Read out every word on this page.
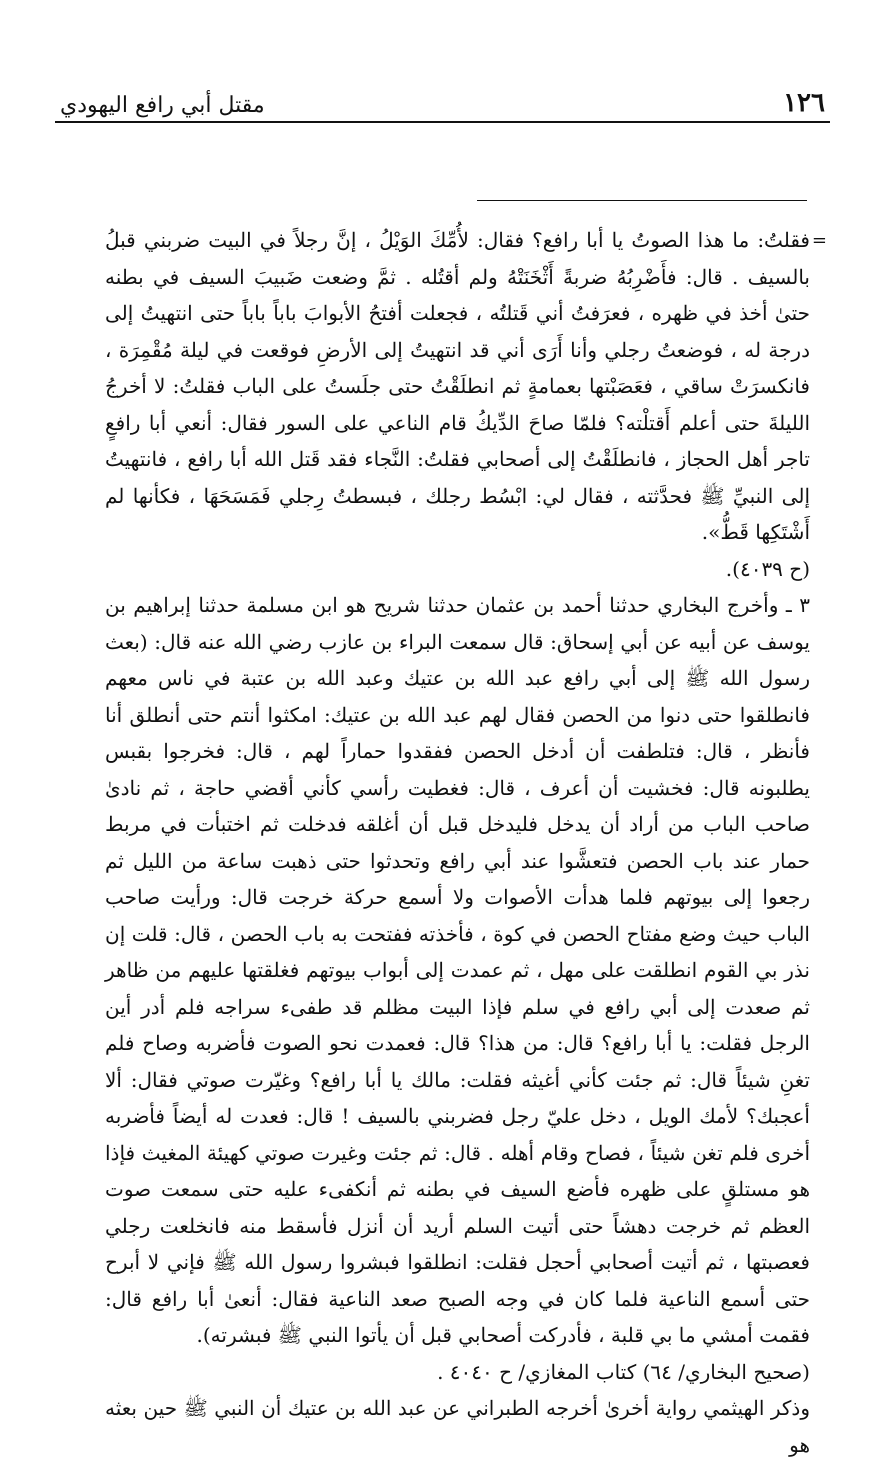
١٢٦
مقتل أبي رافع اليهودي
=

فقلتُ: ما هذا الصوتُ يا أبا رافع؟ فقال: لأُمِّكَ الوَيْلُ ، إنَّ رجلاً في البيت ضربني قبلُ بالسيف . قال: فأَضْرِبُهُ ضربةً أَثْخَنَتْهُ ولم أقتُله . ثمَّ وضعت ضَبيبَ السيف في بطنه حتىٰ أخذ في ظهره ، فعرَفتُ أني قَتلتُه ، فجعلت أفتحُ الأبوابَ باباً باباً حتى انتهيتُ إلى درجة له ، فوضعتُ رجلي وأنا أَرَى أني قد انتهيتُ إلى الأرضِ فوقعت في ليلة مُقْمِرَة ، فانكسرَتْ ساقي ، فعَصَبْتها بعمامةٍ ثم انطلَقْتُ حتى جلَستُ على الباب فقلتُ: لا أخرجُ الليلةَ حتى أعلم أَقتلْته؟ فلمّا صاحَ الدِّيكُ قام الناعي على السور فقال: أنعي أبا رافعٍ تاجر أهل الحجاز ، فانطلَقْتُ إلى أصحابي فقلتُ: النَّجاء فقد قَتل الله أبا رافع ، فانتهيتُ إلى النبيِّ ﷺ فحدَّثته ، فقال لي: ابْسُط رجلك ، فبسطتُ رِجلي فَمَسَحَهَا ، فكأنها لم أَشْتَكِها قَطُّ».

(ح ٤٠٣٩).

٣ ـ وأخرج البخاري حدثنا أحمد بن عثمان حدثنا شريح هو ابن مسلمة حدثنا إبراهيم بن يوسف عن أبيه عن أبي إسحاق: قال سمعت البراء بن عازب رضي الله عنه قال: (بعث رسول الله ﷺ إلى أبي رافع عبد الله بن عتيك وعبد الله بن عتبة في ناس معهم فانطلقوا حتى دنوا من الحصن فقال لهم عبد الله بن عتيك: امكثوا أنتم حتى أنطلق أنا فأنظر ، قال: فتلطفت أن أدخل الحصن ففقدوا حماراً لهم ، قال: فخرجوا بقبس يطلبونه قال: فخشيت أن أعرف ، قال: فغطيت رأسي كأني أقضي حاجة ، ثم نادىٰ صاحب الباب من أراد أن يدخل فليدخل قبل أن أغلقه فدخلت ثم اختبأت في مربط حمار عند باب الحصن فتعشَّوا عند أبي رافع وتحدثوا حتى ذهبت ساعة من الليل ثم رجعوا إلى بيوتهم فلما هدأت الأصوات ولا أسمع حركة خرجت قال: ورأيت صاحب الباب حيث وضع مفتاح الحصن في كوة ، فأخذته ففتحت به باب الحصن ، قال: قلت إن نذر بي القوم انطلقت على مهل ، ثم عمدت إلى أبواب بيوتهم فغلقتها عليهم من ظاهر ثم صعدت إلى أبي رافع في سلم فإذا البيت مظلم قد طفىء سراجه فلم أدر أين الرجل فقلت: يا أبا رافع؟ قال: من هذا؟ قال: فعمدت نحو الصوت فأضربه وصاح فلم تغنِ شيئاً قال: ثم جئت كأني أغيثه فقلت: مالك يا أبا رافع؟ وغيّرت صوتي فقال: ألا أعجبك؟ لأمك الويل ، دخل عليّ رجل فضربني بالسيف ! قال: فعدت له أيضاً فأضربه أخرى فلم تغن شيئاً ، فصاح وقام أهله . قال: ثم جئت وغيرت صوتي كهيئة المغيث فإذا هو مستلقٍ على ظهره فأضع السيف في بطنه ثم أنكفىء عليه حتى سمعت صوت العظم ثم خرجت دهشاً حتى أتيت السلم أريد أن أنزل فأسقط منه فانخلعت رجلي فعصبتها ، ثم أتيت أصحابي أحجل فقلت: انطلقوا فبشروا رسول الله ﷺ فإني لا أبرح حتى أسمع الناعية فلما كان في وجه الصبح صعد الناعية فقال: أنعىٰ أبا رافع قال: فقمت أمشي ما بي قلبة ، فأدركت أصحابي قبل أن يأتوا النبي ﷺ فبشرته).

(صحيح البخاري/ ٦٤) كتاب المغازي/ ح ٤٠٤٠ .

وذكر الهيثمي رواية أخرىٰ أخرجه الطبراني عن عبد الله بن عتيك أن النبي ﷺ حين بعثه هو
